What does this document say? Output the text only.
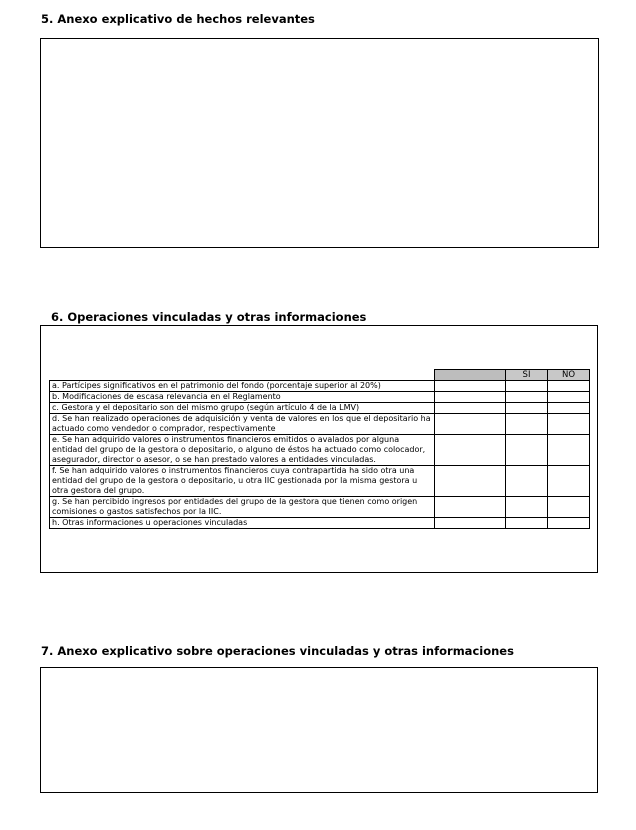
5. Anexo explicativo de hechos relevantes
6. Operaciones vinculadas y otras informaciones
		SI	NO
a. Partícipes significativos en el patrimonio del fondo (porcentaje superior al 20%)			
b. Modificaciones de escasa relevancia en el Reglamento			
c. Gestora y el depositario son del mismo grupo (según artículo 4 de la LMV)			
d. Se han realizado operaciones de adquisición y venta de valores en los que el depositario ha actuado como vendedor o comprador, respectivamente			
e. Se han adquirido valores o instrumentos financieros emitidos o avalados por alguna entidad del grupo de la gestora o depositario, o alguno de éstos ha actuado como colocador, asegurador, director o asesor, o se han prestado valores a entidades vinculadas.			
f. Se han adquirido valores o instrumentos financieros cuya contrapartida ha sido otra una entidad del grupo de la gestora o depositario, u otra IIC gestionada por la misma gestora u otra gestora del grupo.			
g. Se han percibido ingresos por entidades del grupo de la gestora que tienen como origen comisiones o gastos satisfechos por la IIC.			
h. Otras informaciones u operaciones vinculadas			
7. Anexo explicativo sobre operaciones vinculadas y otras informaciones
